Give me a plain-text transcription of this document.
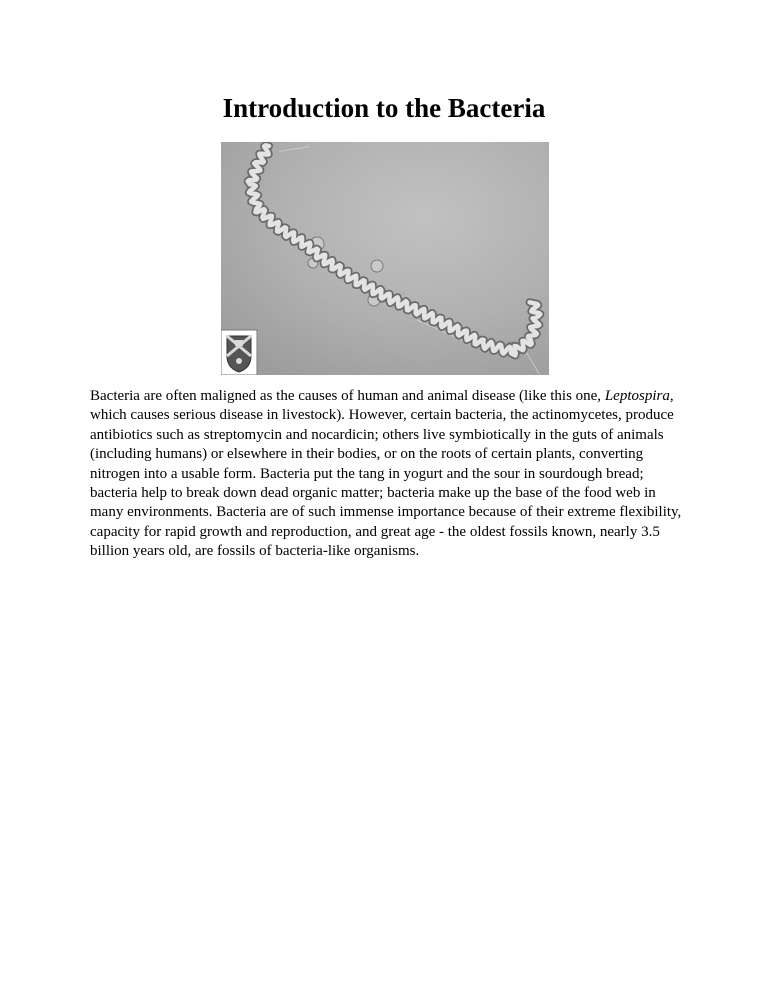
Introduction to the Bacteria

Bacteria are often maligned as the causes of human and animal disease (like this one, Leptospira, which causes serious disease in livestock). However, certain bacteria, the actinomycetes, produce antibiotics such as streptomycin and nocardicin; others live symbiotically in the guts of animals (including humans) or elsewhere in their bodies, or on the roots of certain plants, converting nitrogen into a usable form. Bacteria put the tang in yogurt and the sour in sourdough bread; bacteria help to break down dead organic matter; bacteria make up the base of the food web in many environments. Bacteria are of such immense importance because of their extreme flexibility, capacity for rapid growth and reproduction, and great age - the oldest fossils known, nearly 3.5 billion years old, are fossils of bacteria-like organisms.
